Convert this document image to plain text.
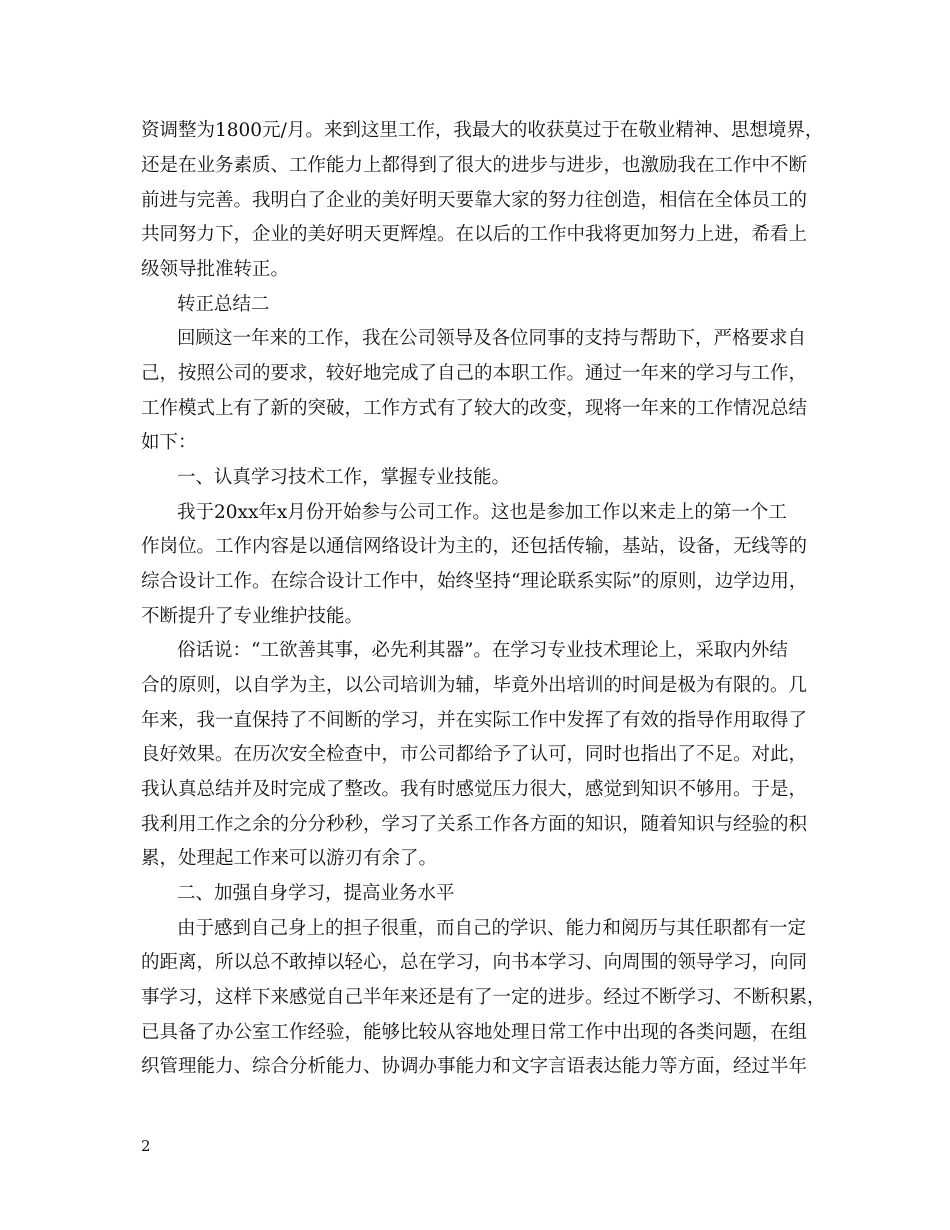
资调整为1800元/月。来到这里工作，我最大的收获莫过于在敬业精神、思想境界，
还是在业务素质、工作能力上都得到了很大的进步与进步，也激励我在工作中不断
前进与完善。我明白了企业的美好明天要靠大家的努力往创造，相信在全体员工的
共同努力下，企业的美好明天更辉煌。在以后的工作中我将更加努力上进，希看上
级领导批准转正。
转正总结二
回顾这一年来的工作，我在公司领导及各位同事的支持与帮助下，严格要求自
己，按照公司的要求，较好地完成了自己的本职工作。通过一年来的学习与工作，
工作模式上有了新的突破，工作方式有了较大的改变，现将一年来的工作情况总结
如下：
一、认真学习技术工作，掌握专业技能。
我于20xx年x月份开始参与公司工作。这也是参加工作以来走上的第一个工
作岗位。工作内容是以通信网络设计为主的，还包括传输，基站，设备，无线等的
综合设计工作。在综合设计工作中，始终坚持“理论联系实际”的原则，边学边用，
不断提升了专业维护技能。
俗话说：“工欲善其事，必先利其器”。在学习专业技术理论上，采取内外结
合的原则，以自学为主，以公司培训为辅，毕竟外出培训的时间是极为有限的。几
年来，我一直保持了不间断的学习，并在实际工作中发挥了有效的指导作用取得了
良好效果。在历次安全检查中，市公司都给予了认可，同时也指出了不足。对此，
我认真总结并及时完成了整改。我有时感觉压力很大，感觉到知识不够用。于是，
我利用工作之余的分分秒秒，学习了关系工作各方面的知识，随着知识与经验的积
累，处理起工作来可以游刃有余了。
二、加强自身学习，提高业务水平
由于感到自己身上的担子很重，而自己的学识、能力和阅历与其任职都有一定
的距离，所以总不敢掉以轻心，总在学习，向书本学习、向周围的领导学习，向同
事学习，这样下来感觉自己半年来还是有了一定的进步。经过不断学习、不断积累，
已具备了办公室工作经验，能够比较从容地处理日常工作中出现的各类问题，在组
织管理能力、综合分析能力、协调办事能力和文字言语表达能力等方面，经过半年
2
